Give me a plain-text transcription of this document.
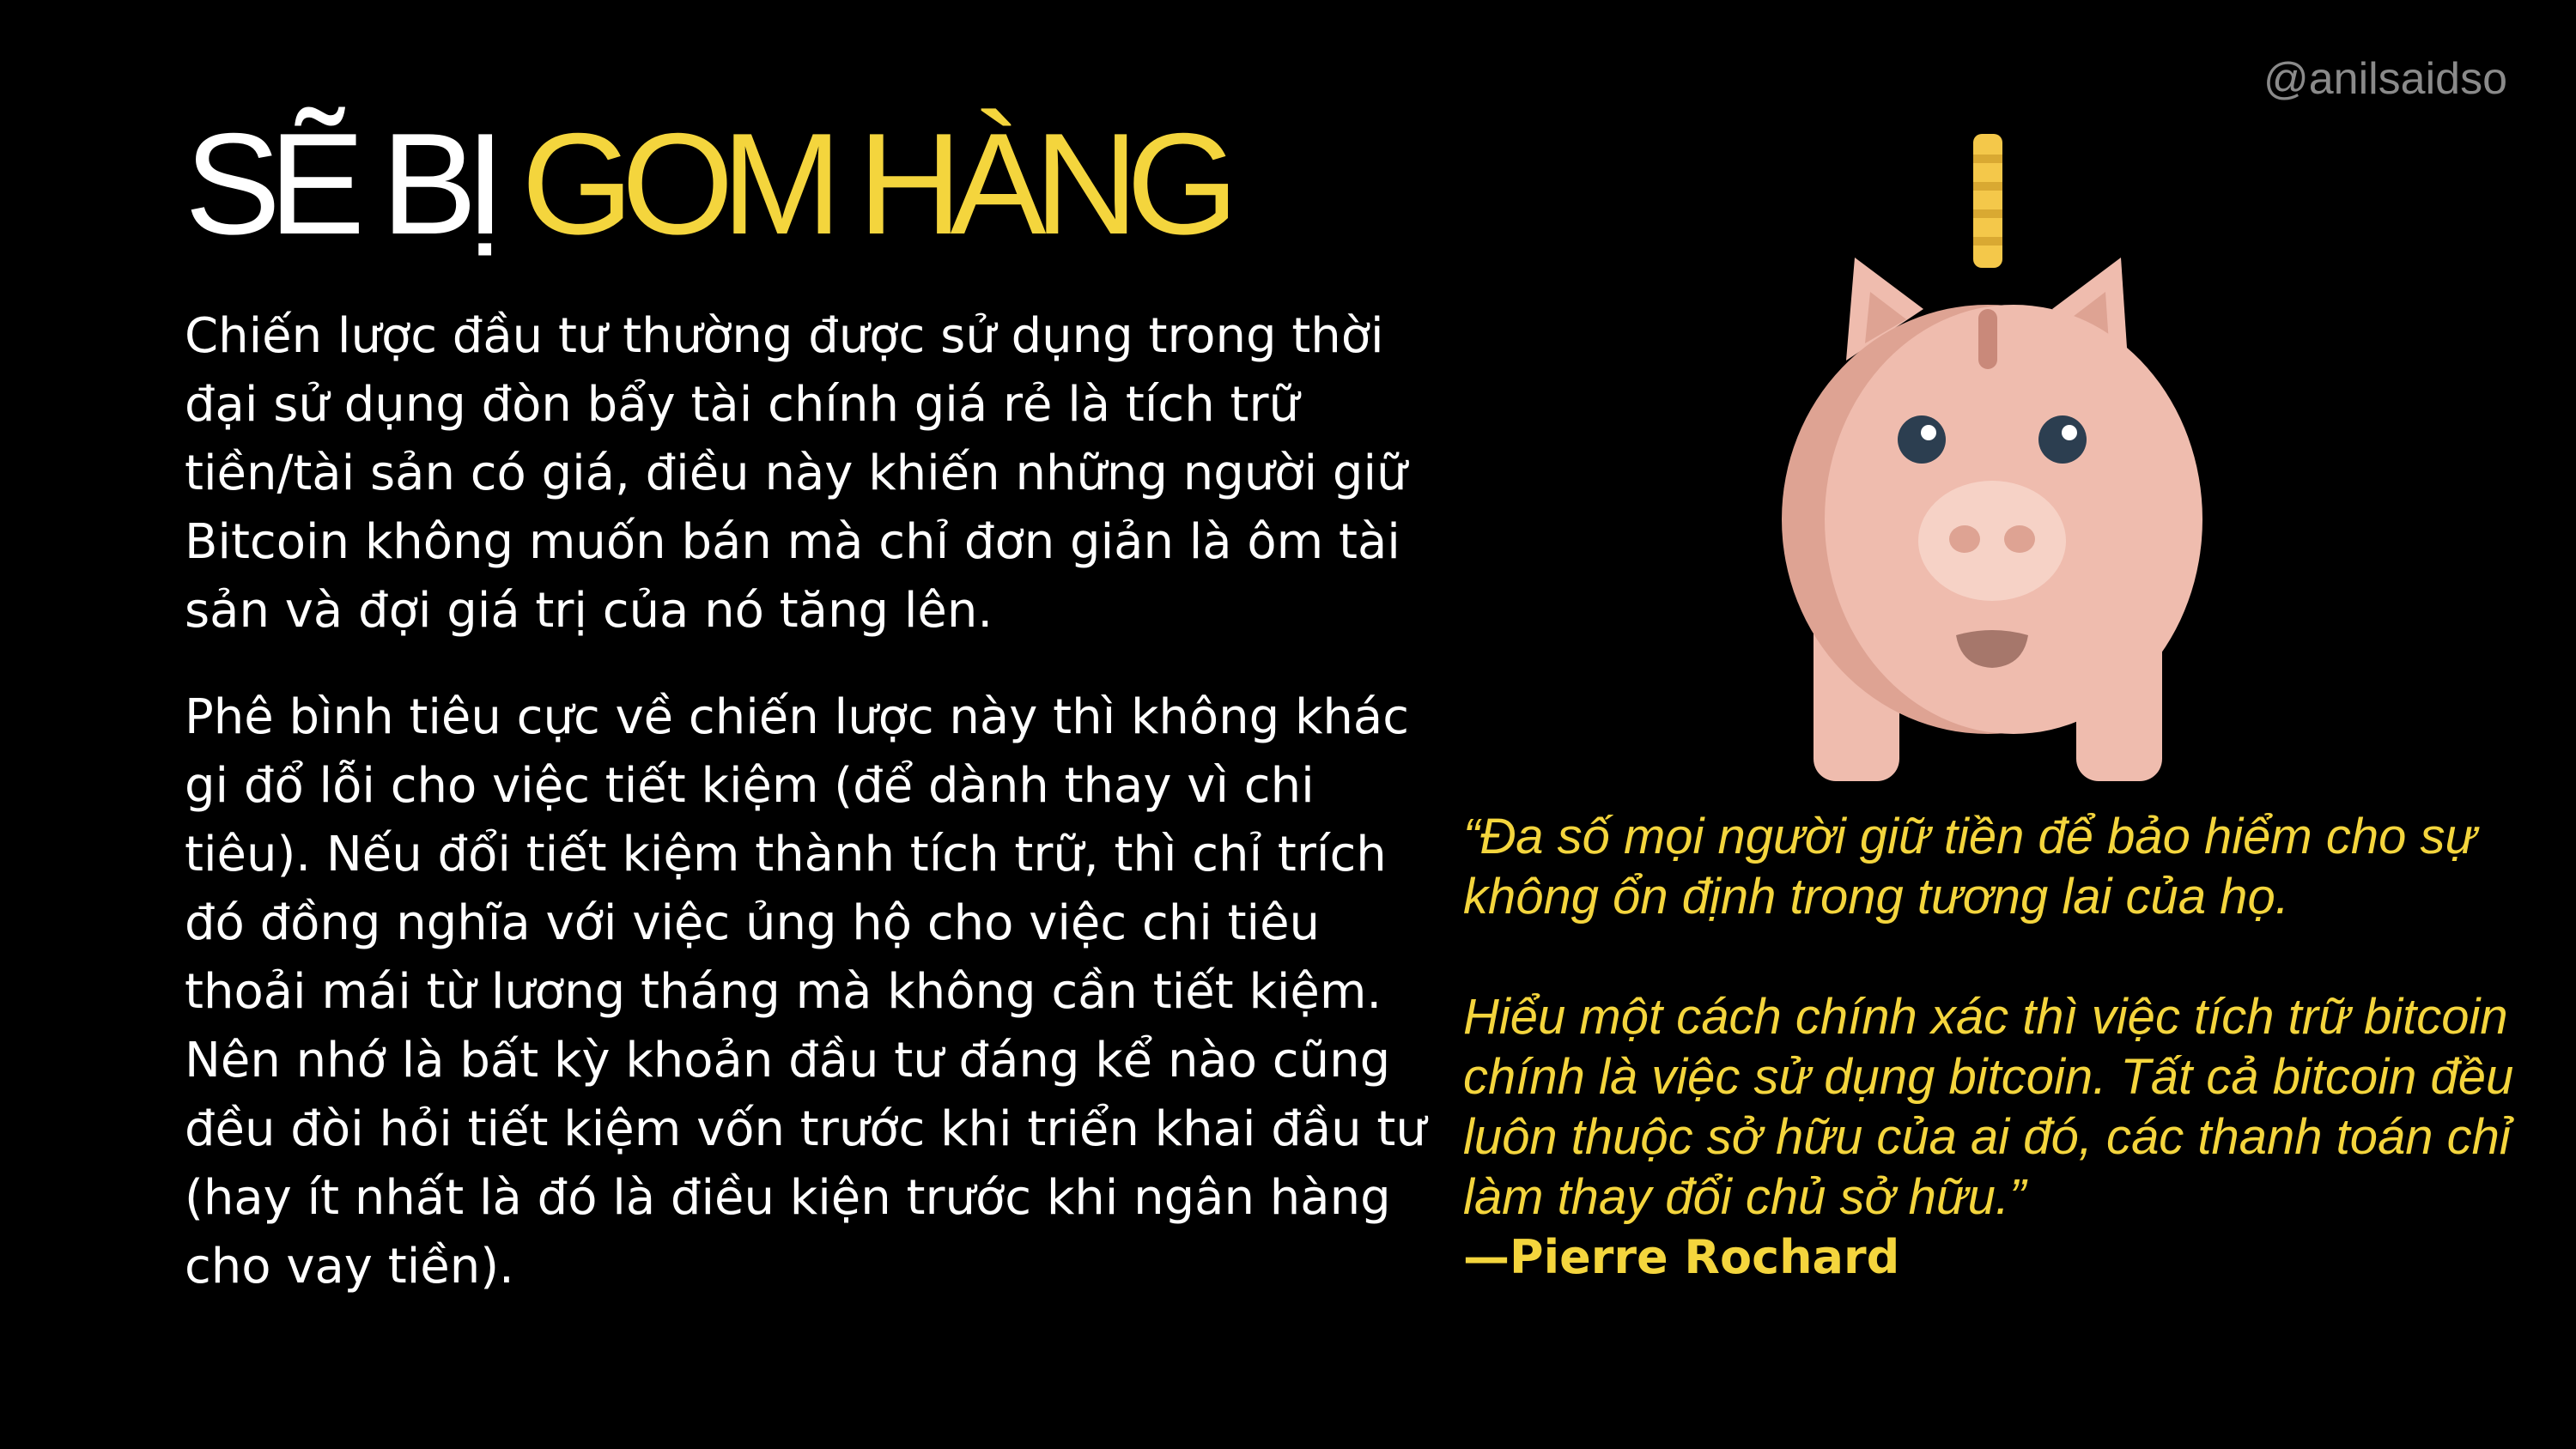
@anilsaidso
SẼ BỊ GOM HÀNG

Chiến lược đầu tư thường được sử dụng trong thời đại sử dụng đòn bẩy tài chính giá rẻ là tích trữ tiền/tài sản có giá, điều này khiến những người giữ Bitcoin không muốn bán mà chỉ đơn giản là ôm tài sản và đợi giá trị của nó tăng lên.

Phê bình tiêu cực về chiến lược này thì không khác gi đổ lỗi cho việc tiết kiệm (để dành thay vì chi tiêu). Nếu đổi tiết kiệm thành tích trữ, thì chỉ trích đó đồng nghĩa với việc ủng hộ cho việc chi tiêu thoải mái từ lương tháng mà không cần tiết kiệm. Nên nhớ là bất kỳ khoản đầu tư đáng kể nào cũng đều đòi hỏi tiết kiệm vốn trước khi triển khai đầu tư (hay ít nhất là đó là điều kiện trước khi ngân hàng cho vay tiền).

“Đa số mọi người giữ tiền để bảo hiểm cho sự không ổn định trong tương lai của họ.

Hiểu một cách chính xác thì việc tích trữ bitcoin chính là việc sử dụng bitcoin. Tất cả bitcoin đều luôn thuộc sở hữu của ai đó, các thanh toán chỉ làm thay đổi chủ sở hữu.”

—Pierre Rochard
